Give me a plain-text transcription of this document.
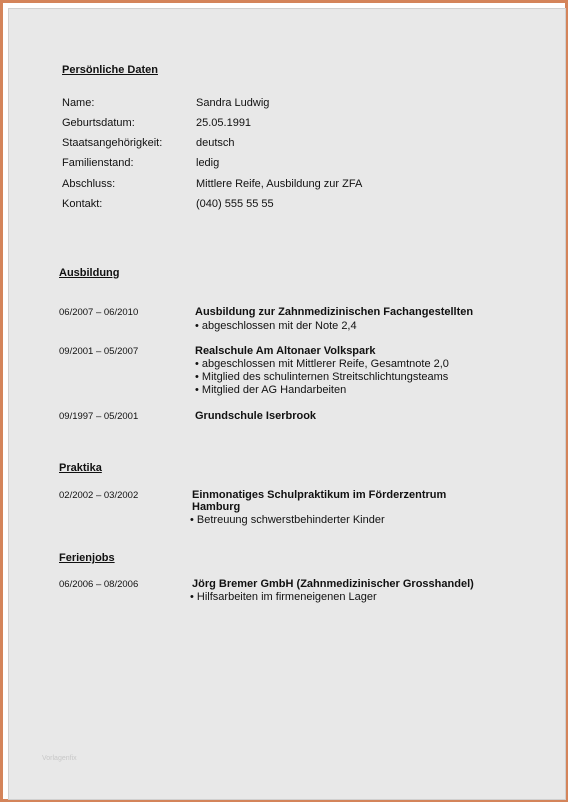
Persönliche Daten
Name:	Sandra Ludwig
Geburtsdatum:	25.05.1991
Staatsangehörigkeit:	deutsch
Familienstand:	ledig
Abschluss:	Mittlere Reife, Ausbildung zur ZFA
Kontakt:	(040) 555 55 55
Ausbildung
06/2007 – 06/2010	Ausbildung zur Zahnmedizinischen Fachangestellten
• abgeschlossen mit der Note 2,4
09/2001 – 05/2007	Realschule Am Altonaer Volkspark
• abgeschlossen mit Mittlerer Reife, Gesamtnote 2,0
• Mitglied des schulinternen Streitschlichtungsteams
• Mitglied der AG Handarbeiten
09/1997 – 05/2001	Grundschule Iserbrook
Praktika
02/2002 – 03/2002	Einmonatiges Schulpraktikum im Förderzentrum
Hamburg
• Betreuung schwerstbehinderter Kinder
Ferienjobs
06/2006 – 08/2006	Jörg Bremer GmbH (Zahnmedizinischer Grosshandel)
• Hilfsarbeiten im firmeneigenen Lager
Vorlagenfix
